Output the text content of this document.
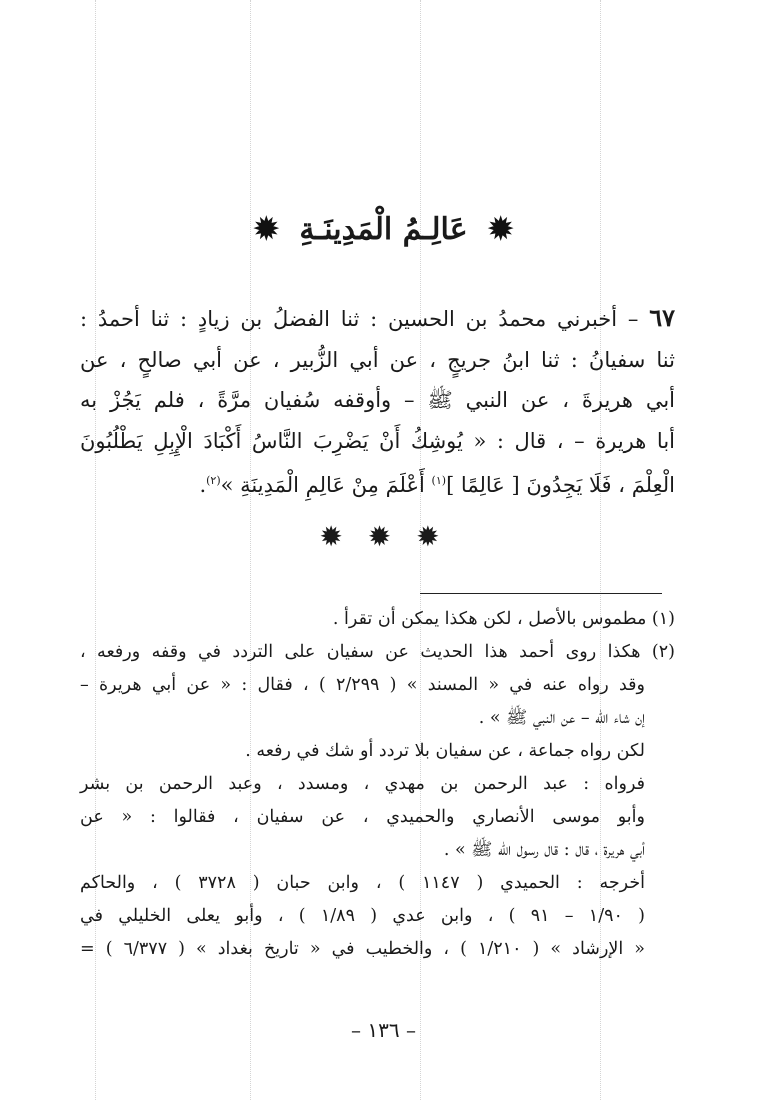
✹ عَالِـمُ الْمَدِينَـةِ ✹
٦٧ – أخبرني محمدُ بن الحسين : ثنا الفضلُ بن زيادٍ : ثنا أحمدُ :
ثنا سفيانُ : ثنا ابنُ جريجٍ ، عن أبي الزُّبير ، عن أبي صالحٍ ، عن
أبي هريرةَ ، عن النبي ﷺ – وأوقفه سُفيان مرَّةً ، فلم يَجُزْ به
أبا هريرة – ، قال : « يُوشِكُ أَنْ يَضْرِبَ النَّاسُ أَكْبَادَ الْإِبِلِ يَطْلُبُونَ
الْعِلْمَ ، فَلَا يَجِدُونَ [ عَالِمًا ]$^{(١)}$ أَعْلَمَ مِنْ عَالِمِ الْمَدِينَةِ »$^{(٢)}$.
✹ ✹ ✹
(١) مطموس بالأصل ، لكن هكذا يمكن أن تقرأ .
(٢) هكذا روى أحمد هذا الحديث عن سفيان على التردد في وقفه ورفعه ،
وقد رواه عنه في « المسند » ( ٢/٢٩٩ ) ، فقال : « عن أبي هريرة –
إن شاء الله – عن النبي ﷺ » .
لكن رواه جماعة ، عن سفيان بلا تردد أو شك في رفعه .
فرواه : عبد الرحمن بن مهدي ، ومسدد ، وعبد الرحمن بن بشر
وأبو موسى الأنصاري والحميدي ، عن سفيان ، فقالوا : « عن
أبي هريرة ، قال : قال رسول الله ﷺ » .
أخرجه : الحميدي ( ١١٤٧ ) ، وابن حبان ( ٣٧٢٨ ) ، والحاكم
( ١/٩٠ – ٩١ ) ، وابن عدي ( ١/٨٩ ) ، وأبو يعلى الخليلي في
« الإرشاد » ( ١/٢١٠ ) ، والخطيب في « تاريخ بغداد » ( ٦/٣٧٧ ) =
– ١٣٦ –
